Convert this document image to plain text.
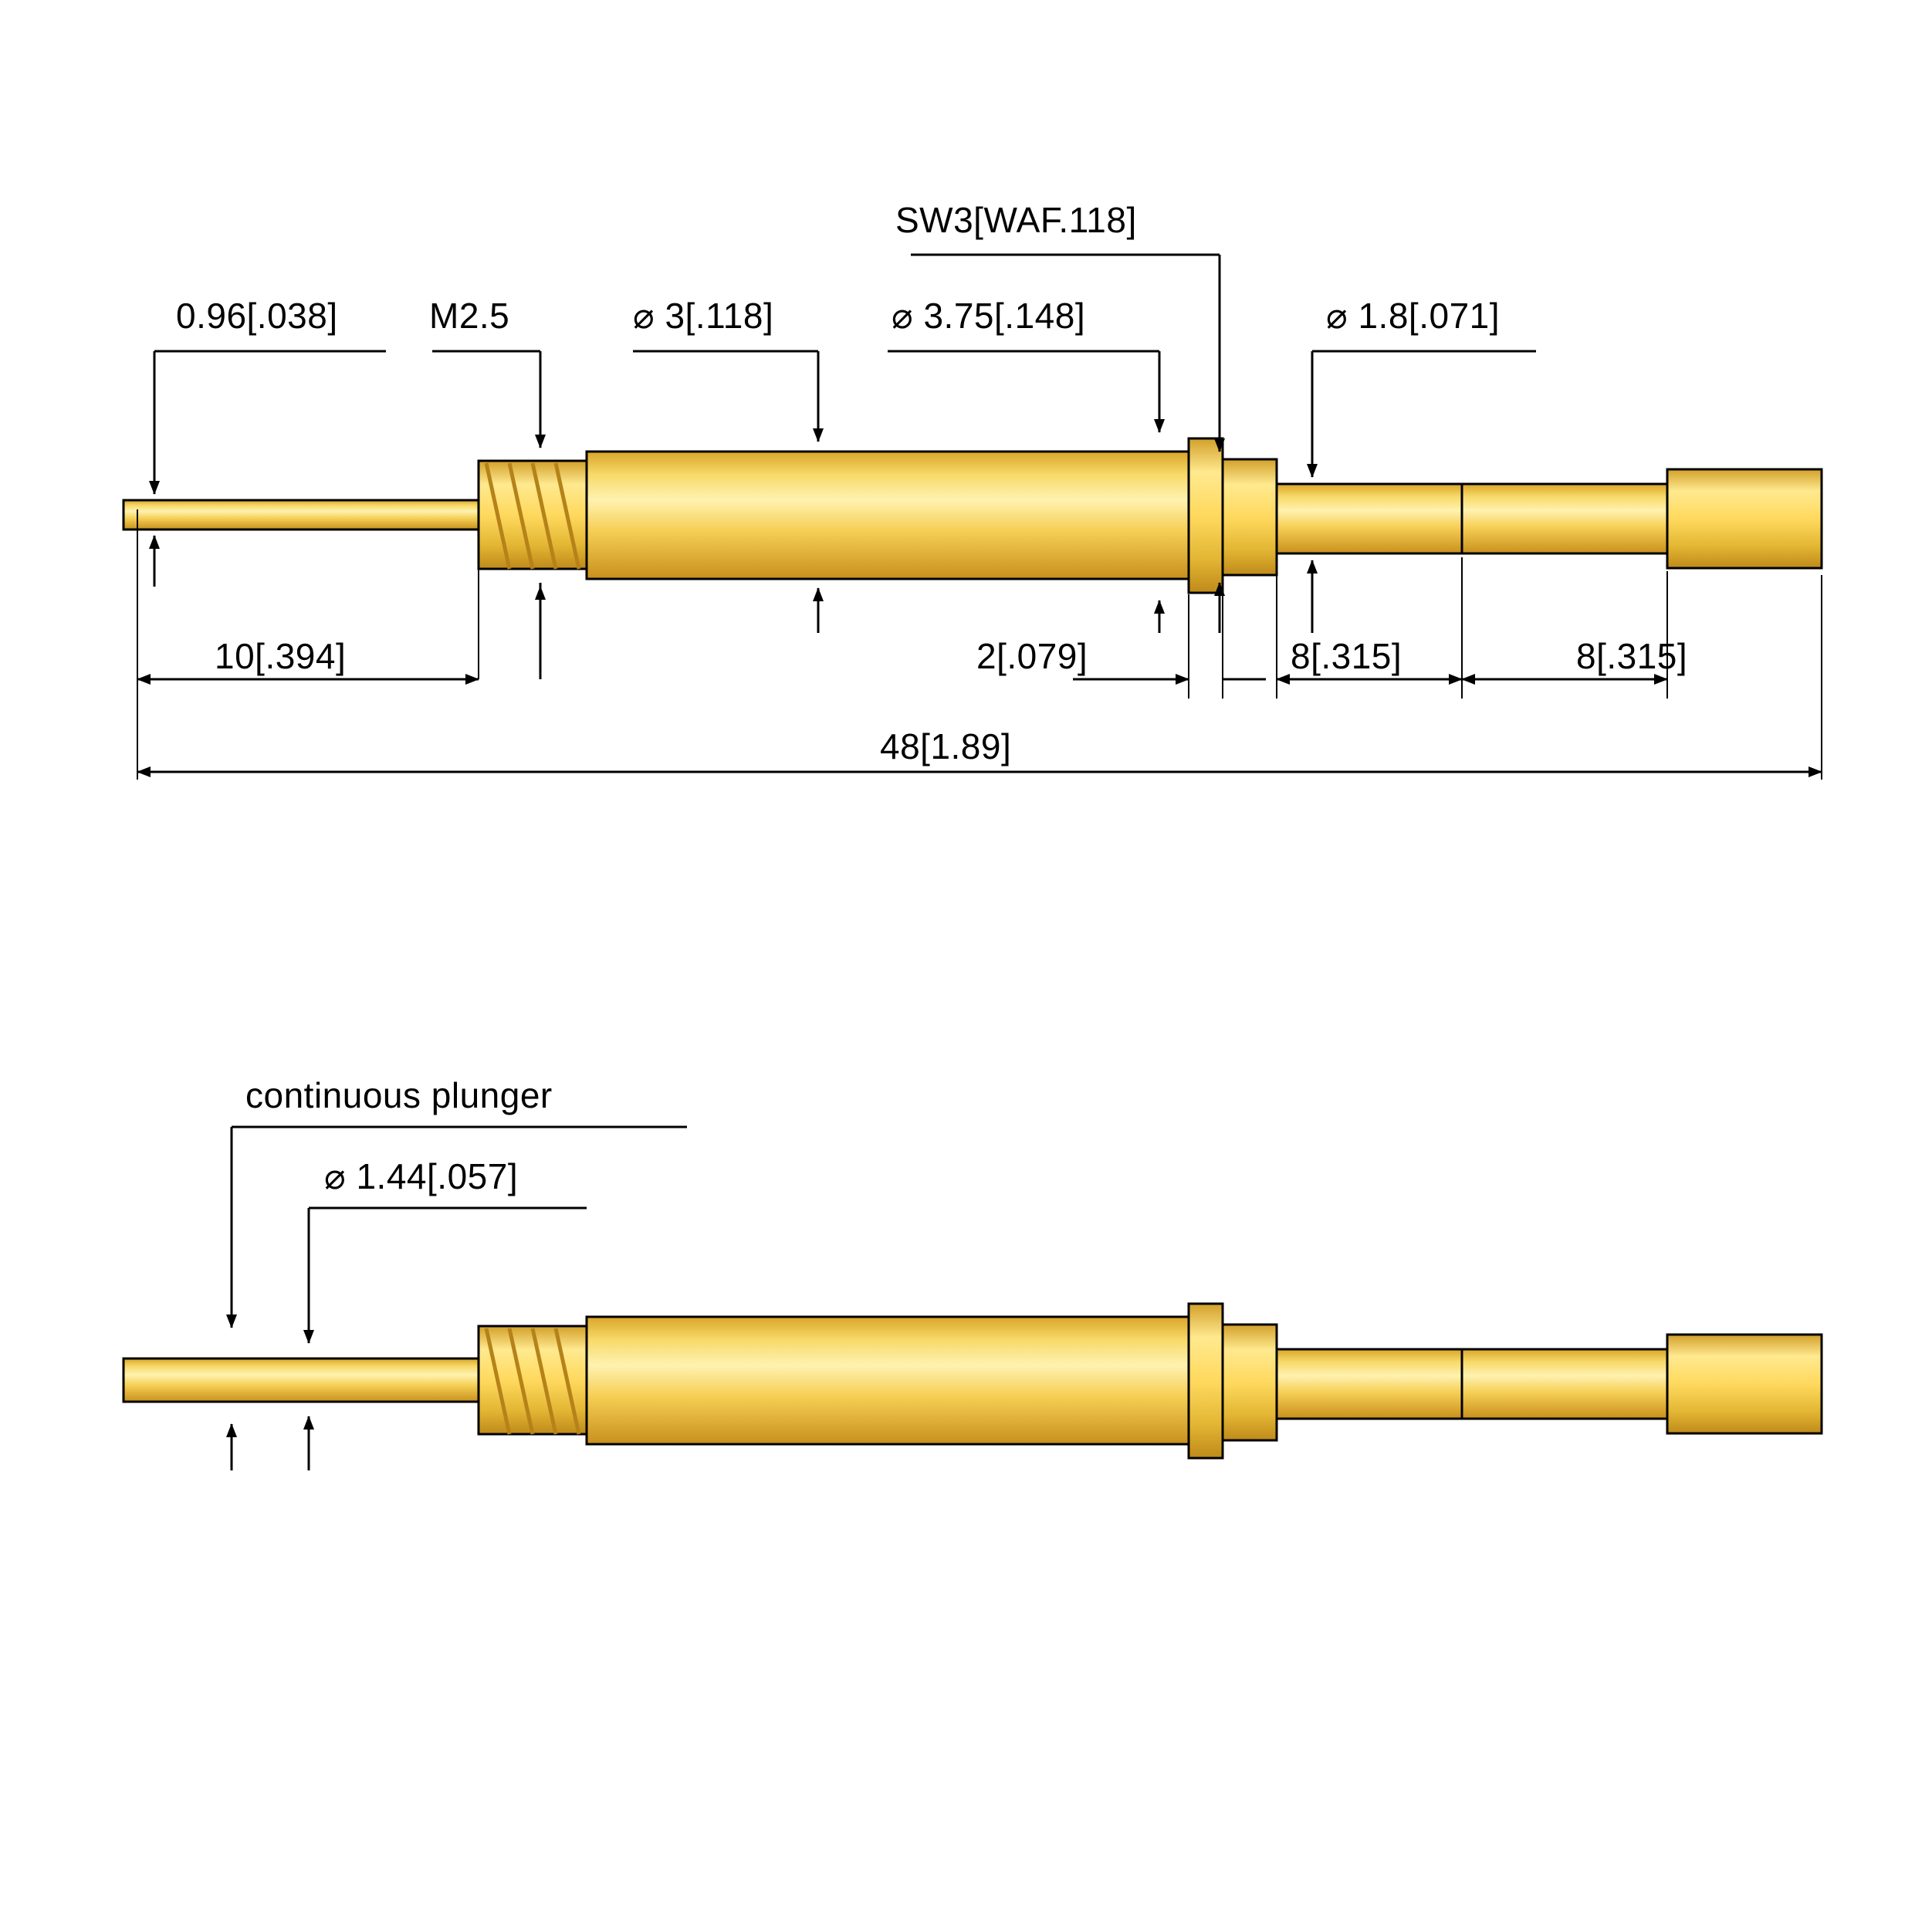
0.96[.038]	M2.5	⌀ 3[.118]	⌀ 3.75[.148]
SW3[WAF.118]
⌀ 1.8[.071]
10[.394]	2[.079]	8[.315]	8[.315]
48[1.89]
continuous plunger
⌀ 1.44[.057]
